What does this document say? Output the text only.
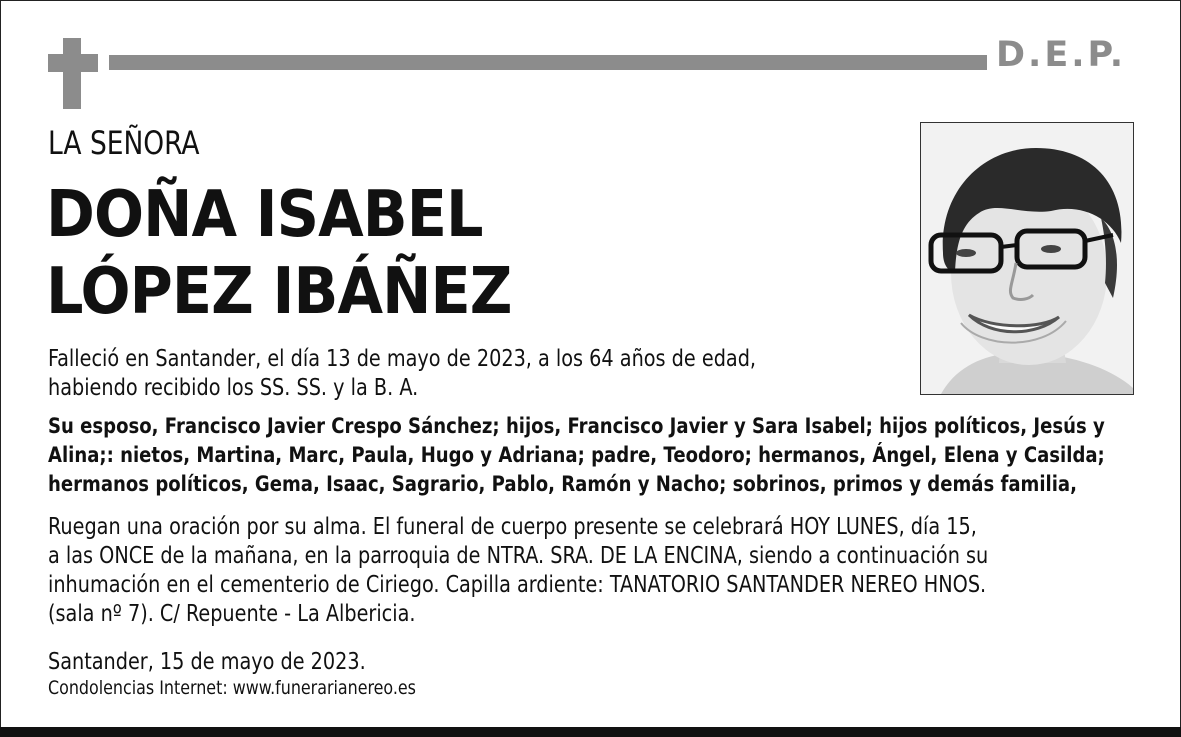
D.E.P.
LA SEÑORA
DOÑA ISABEL
LÓPEZ IBÁÑEZ
Falleció en Santander, el día 13 de mayo de 2023, a los 64 años de edad,
habiendo recibido los SS. SS. y la B. A.
Su esposo, Francisco Javier Crespo Sánchez; hijos, Francisco Javier y Sara Isabel; hijos políticos, Jesús y
Alina;: nietos, Martina, Marc, Paula, Hugo y Adriana; padre, Teodoro; hermanos, Ángel, Elena y Casilda;
hermanos políticos, Gema, Isaac, Sagrario, Pablo, Ramón y Nacho; sobrinos, primos y demás familia,
Ruegan una oración por su alma. El funeral de cuerpo presente se celebrará HOY LUNES, día 15,
a las ONCE de la mañana, en la parroquia de NTRA. SRA. DE LA ENCINA, siendo a continuación su
inhumación en el cementerio de Ciriego. Capilla ardiente: TANATORIO SANTANDER NEREO HNOS.
(sala nº 7). C/ Repuente - La Albericia.
Santander, 15 de mayo de 2023.
Condolencias Internet: www.funerarianereo.es
